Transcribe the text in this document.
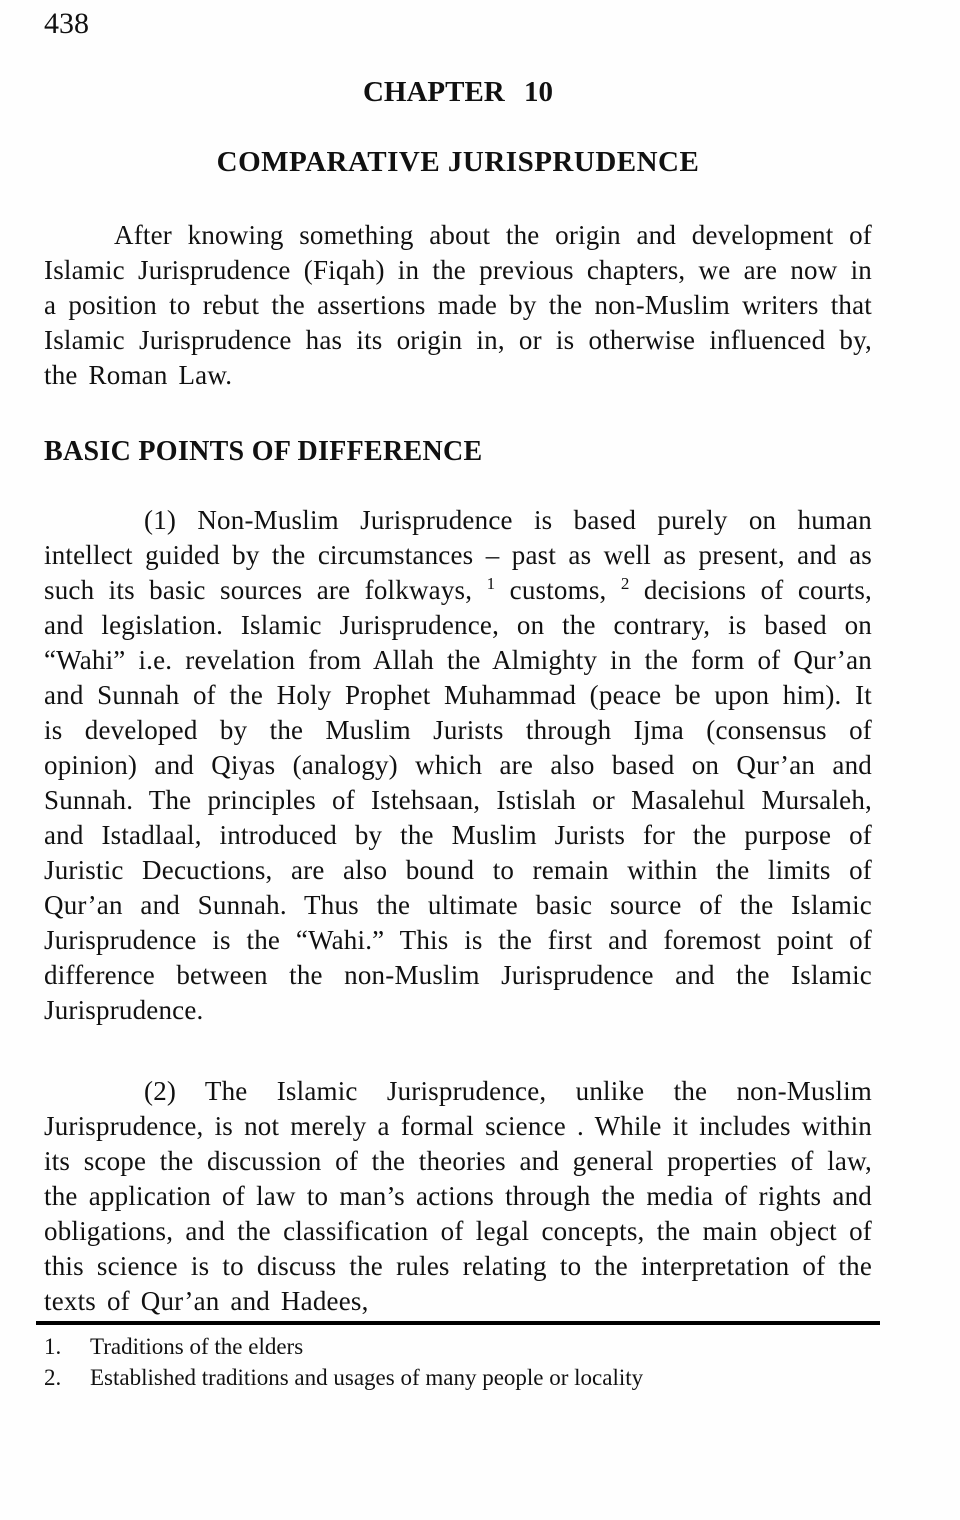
438
CHAPTER 10
COMPARATIVE JURISPRUDENCE

After knowing something about the origin and development of Islamic Jurisprudence (Fiqah) in the previous chapters, we are now in a position to rebut the assertions made by the non-Muslim writers that Islamic Jurisprudence has its origin in, or is otherwise influenced by, the Roman Law.

BASIC POINTS OF DIFFERENCE

(1) Non-Muslim Jurisprudence is based purely on human intellect guided by the circumstances – past as well as present, and as such its basic sources are folkways, $^1$ customs, $^2$ decisions of courts, and legislation. Islamic Jurisprudence, on the contrary, is based on “Wahi” i.e. revelation from Allah the Almighty in the form of Qur’an and Sunnah of the Holy Prophet Muhammad (peace be upon him). It is developed by the Muslim Jurists through Ijma (consensus of opinion) and Qiyas (analogy) which are also based on Qur’an and Sunnah. The principles of Istehsaan, Istislah or Masalehul Mursaleh, and Istadlaal, introduced by the Muslim Jurists for the purpose of Juristic Decuctions, are also bound to remain within the limits of Qur’an and Sunnah. Thus the ultimate basic source of the Islamic Jurisprudence is the “Wahi.” This is the first and foremost point of difference between the non-Muslim Jurisprudence and the Islamic Jurisprudence.

(2) The Islamic Jurisprudence, unlike the non-Muslim Jurisprudence, is not merely a formal science . While it includes within its scope the discussion of the theories and general properties of law, the application of law to man’s actions through the media of rights and obligations, and the classification of legal concepts, the main object of this science is to discuss the rules relating to the interpretation of the texts of Qur’an and Hadees,

1.	Traditions of the elders
2.	Established traditions and usages of many people or locality
